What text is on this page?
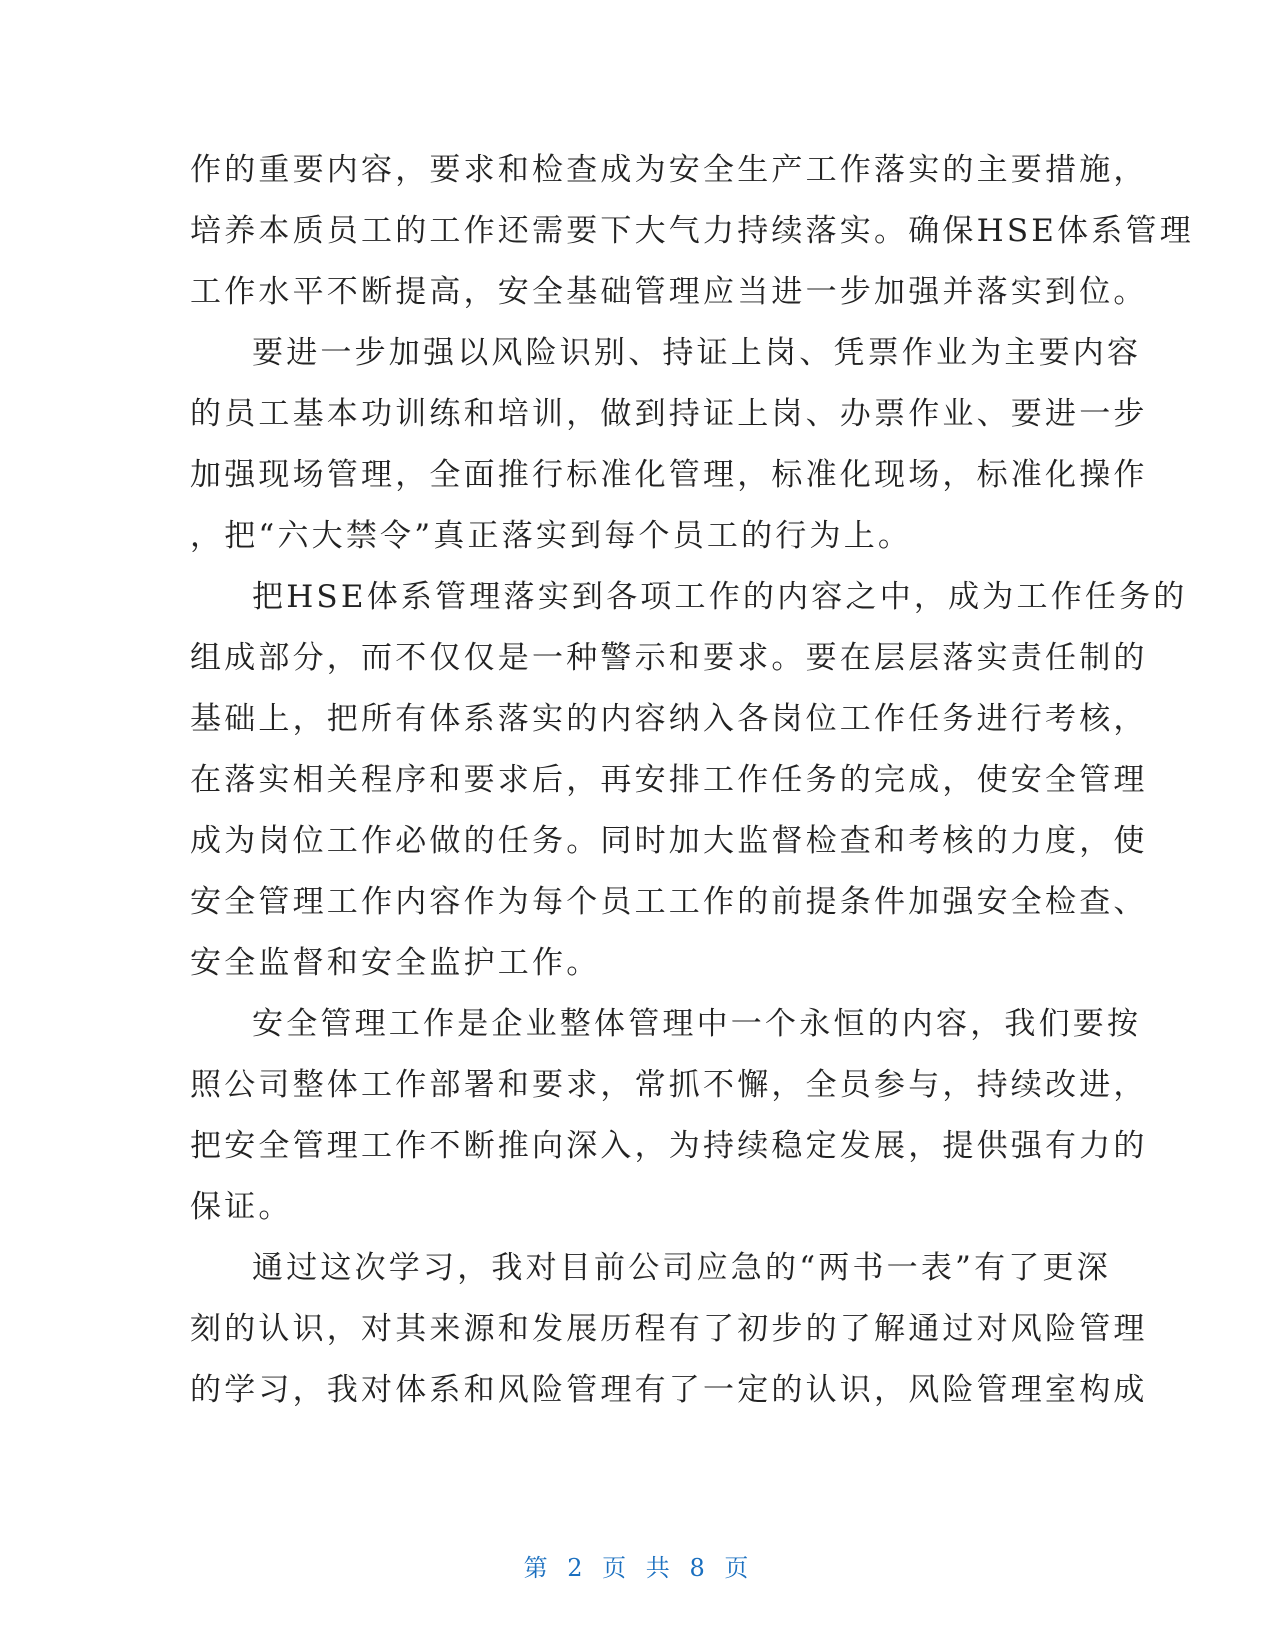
作的重要内容，要求和检查成为安全生产工作落实的主要措施，
培养本质员工的工作还需要下大气力持续落实。确保HSE体系管理
工作水平不断提高，安全基础管理应当进一步加强并落实到位。
要进一步加强以风险识别、持证上岗、凭票作业为主要内容
的员工基本功训练和培训，做到持证上岗、办票作业、要进一步
加强现场管理，全面推行标准化管理，标准化现场，标准化操作
，把“六大禁令”真正落实到每个员工的行为上。
把HSE体系管理落实到各项工作的内容之中，成为工作任务的
组成部分，而不仅仅是一种警示和要求。要在层层落实责任制的
基础上，把所有体系落实的内容纳入各岗位工作任务进行考核，
在落实相关程序和要求后，再安排工作任务的完成，使安全管理
成为岗位工作必做的任务。同时加大监督检查和考核的力度，使
安全管理工作内容作为每个员工工作的前提条件加强安全检查、
安全监督和安全监护工作。
安全管理工作是企业整体管理中一个永恒的内容，我们要按
照公司整体工作部署和要求，常抓不懈，全员参与，持续改进，
把安全管理工作不断推向深入，为持续稳定发展，提供强有力的
保证。
通过这次学习，我对目前公司应急的“两书一表”有了更深
刻的认识，对其来源和发展历程有了初步的了解通过对风险管理
的学习，我对体系和风险管理有了一定的认识，风险管理室构成
第 2 页 共 8 页
